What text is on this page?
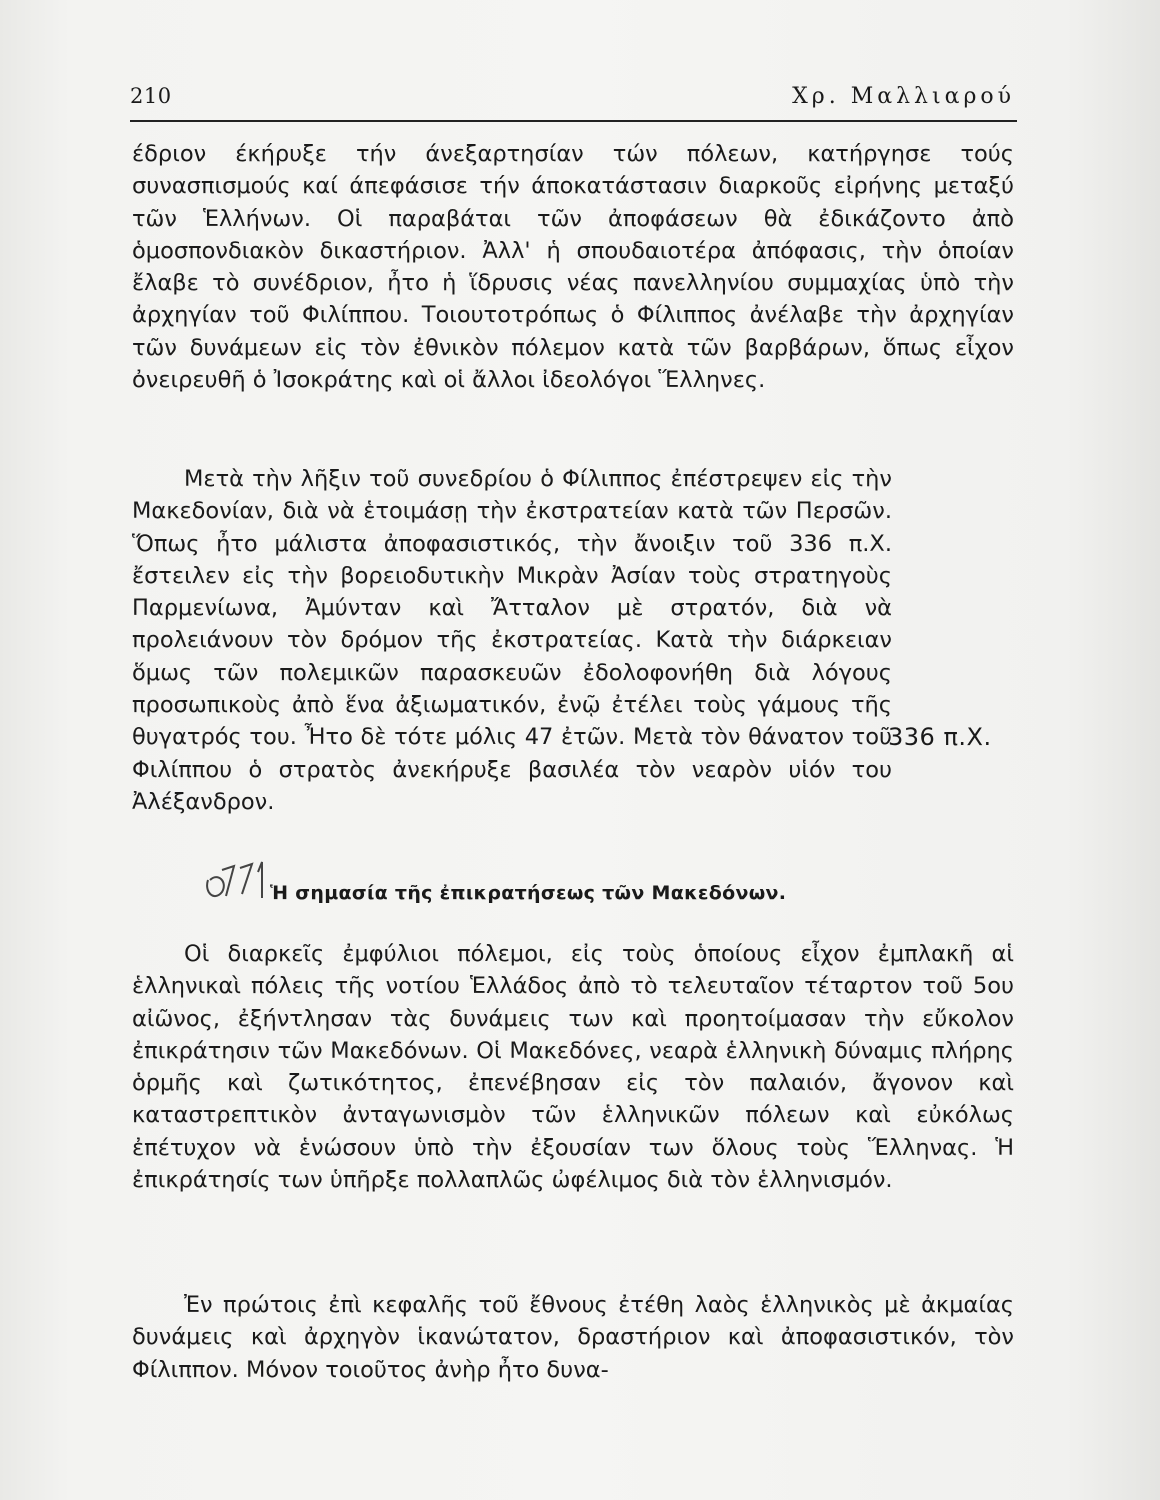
210	Χρ. Μαλλιαρού

έδριον έκήρυξε τήν άνεξαρτησίαν τών πόλεων, κατήργησε τούς συνασπισμούς καί άπεφάσισε τήν άποκατάστασιν διαρκοῦς εἰρήνης μεταξύ τῶν Ἑλλήνων. Οἱ παραβάται τῶν ἀποφάσεων θὰ ἐδικάζοντο ἀπὸ ὁμοσπονδιακὸν δικαστήριον. Ἀλλ' ἡ σπουδαιοτέρα ἀπόφασις, τὴν ὁποίαν ἔλαβε τὸ συνέδριον, ἦτο ἡ ἵδρυσις νέας πανελληνίου συμμαχίας ὑπὸ τὴν ἀρχηγίαν τοῦ Φιλίππου. Τοιουτοτρόπως ὁ Φίλιππος ἀνέλαβε τὴν ἀρχηγίαν τῶν δυνάμεων εἰς τὸν ἐθνικὸν πόλεμον κατὰ τῶν βαρβάρων, ὅπως εἶχον ὀνειρευθῆ ὁ Ἰσοκράτης καὶ οἱ ἄλλοι ἰδεολόγοι Ἕλληνες.

Μετὰ τὴν λῆξιν τοῦ συνεδρίου ὁ Φίλιππος ἐπέστρεψεν εἰς τὴν Μακεδονίαν, διὰ νὰ ἑτοιμάσῃ τὴν ἐκστρατείαν κατὰ τῶν Περσῶν. Ὅπως ἦτο μάλιστα ἀποφασιστικός, τὴν ἄνοιξιν τοῦ 336 π.Χ. ἔστειλεν εἰς τὴν βορειοδυτικὴν Μικρὰν Ἀσίαν τοὺς στρατηγοὺς Παρμενίωνα, Ἀμύνταν καὶ Ἄτταλον μὲ στρατόν, διὰ νὰ προλειάνουν τὸν δρόμον τῆς ἐκστρατείας. Κατὰ τὴν διάρκειαν ὅμως τῶν πολεμικῶν παρασκευῶν ἐδολοφονήθη διὰ λόγους προσωπικοὺς ἀπὸ ἕνα ἀξιωματικόν, ἐνῷ ἐτέλει τοὺς γάμους τῆς θυγατρός του. Ἦτο δὲ τότε μόλις 47 ἐτῶν. Μετὰ τὸν θάνατον τοῦ Φιλίππου ὁ στρατὸς ἀνεκήρυξε βασιλέα τὸν νεαρὸν υἱόν του Ἀλέξανδρον.

336 π.Χ.
Ἡ σημασία τῆς ἐπικρατήσεως τῶν Μακεδόνων.

Οἱ διαρκεῖς ἐμφύλιοι πόλεμοι, εἰς τοὺς ὁποίους εἶχον ἐμπλακῆ αἱ ἑλληνικαὶ πόλεις τῆς νοτίου Ἑλλάδος ἀπὸ τὸ τελευταῖον τέταρτον τοῦ 5ου αἰῶνος, ἐξήντλησαν τὰς δυνάμεις των καὶ προητοίμασαν τὴν εὔκολον ἐπικράτησιν τῶν Μακεδόνων. Οἱ Μακεδόνες, νεαρὰ ἑλληνικὴ δύναμις πλήρης ὁρμῆς καὶ ζωτικότητος, ἐπενέβησαν εἰς τὸν παλαιόν, ἄγονον καὶ καταστρεπτικὸν ἀνταγωνισμὸν τῶν ἑλληνικῶν πόλεων καὶ εὐκόλως ἐπέτυχον νὰ ἑνώσουν ὑπὸ τὴν ἐξουσίαν των ὅλους τοὺς Ἕλληνας. Ἡ ἐπικράτησίς των ὑπῆρξε πολλαπλῶς ὠφέλιμος διὰ τὸν ἑλληνισμόν.

Ἐν πρώτοις ἐπὶ κεφαλῆς τοῦ ἔθνους ἐτέθη λαὸς ἑλληνικὸς μὲ ἀκμαίας δυνάμεις καὶ ἀρχηγὸν ἱκανώτατον, δραστήριον καὶ ἀποφασιστικόν, τὸν Φίλιππον. Μόνον τοιοῦτος ἀνὴρ ἦτο δυνα-
